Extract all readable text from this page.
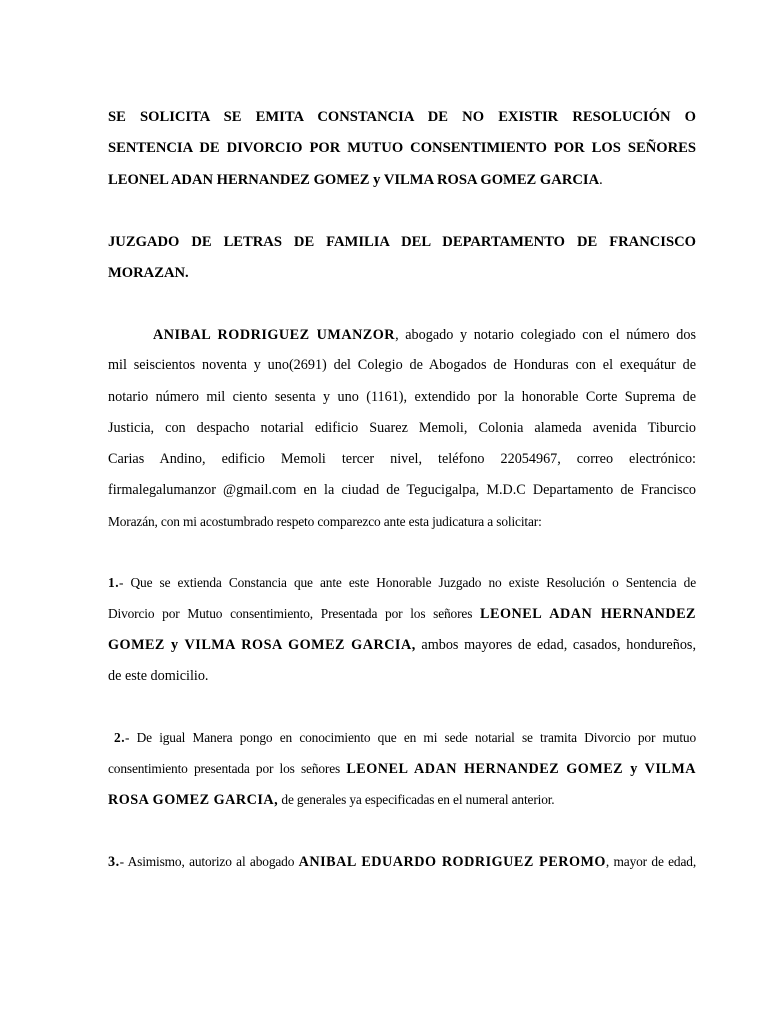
SE SOLICITA SE EMITA CONSTANCIA DE NO EXISTIR RESOLUCIÓN O
SENTENCIA DE DIVORCIO POR MUTUO CONSENTIMIENTO POR LOS SEÑORES
LEONEL ADAN HERNANDEZ GOMEZ y VILMA ROSA GOMEZ GARCIA.
JUZGADO DE LETRAS DE FAMILIA DEL DEPARTAMENTO DE FRANCISCO
MORAZAN.
ANIBAL RODRIGUEZ UMANZOR, abogado y notario colegiado con el número dos
mil seiscientos noventa y uno(2691) del Colegio de Abogados de Honduras con el exequátur de
notario número mil ciento sesenta y uno (1161), extendido por la honorable Corte Suprema de
Justicia, con despacho notarial edificio Suarez Memoli, Colonia alameda avenida Tiburcio
Carias Andino, edificio Memoli tercer nivel, teléfono 22054967, correo electrónico:
firmalegalumanzor @gmail.com en la ciudad de Tegucigalpa, M.D.C Departamento de Francisco
Morazán, con mi acostumbrado respeto comparezco ante esta judicatura a solicitar:
1.- Que se extienda Constancia que ante este Honorable Juzgado no existe Resolución o Sentencia de
Divorcio por Mutuo consentimiento, Presentada por los señores LEONEL ADAN HERNANDEZ
GOMEZ y VILMA ROSA GOMEZ GARCIA, ambos mayores de edad, casados, hondureños,
de este domicilio.
2.- De igual Manera pongo en conocimiento que en mi sede notarial se tramita Divorcio por mutuo
consentimiento presentada por los señores LEONEL ADAN HERNANDEZ GOMEZ y VILMA
ROSA GOMEZ GARCIA, de generales ya especificadas en el numeral anterior.
3.- Asimismo, autorizo al abogado ANIBAL EDUARDO RODRIGUEZ PEROMO, mayor de edad,
